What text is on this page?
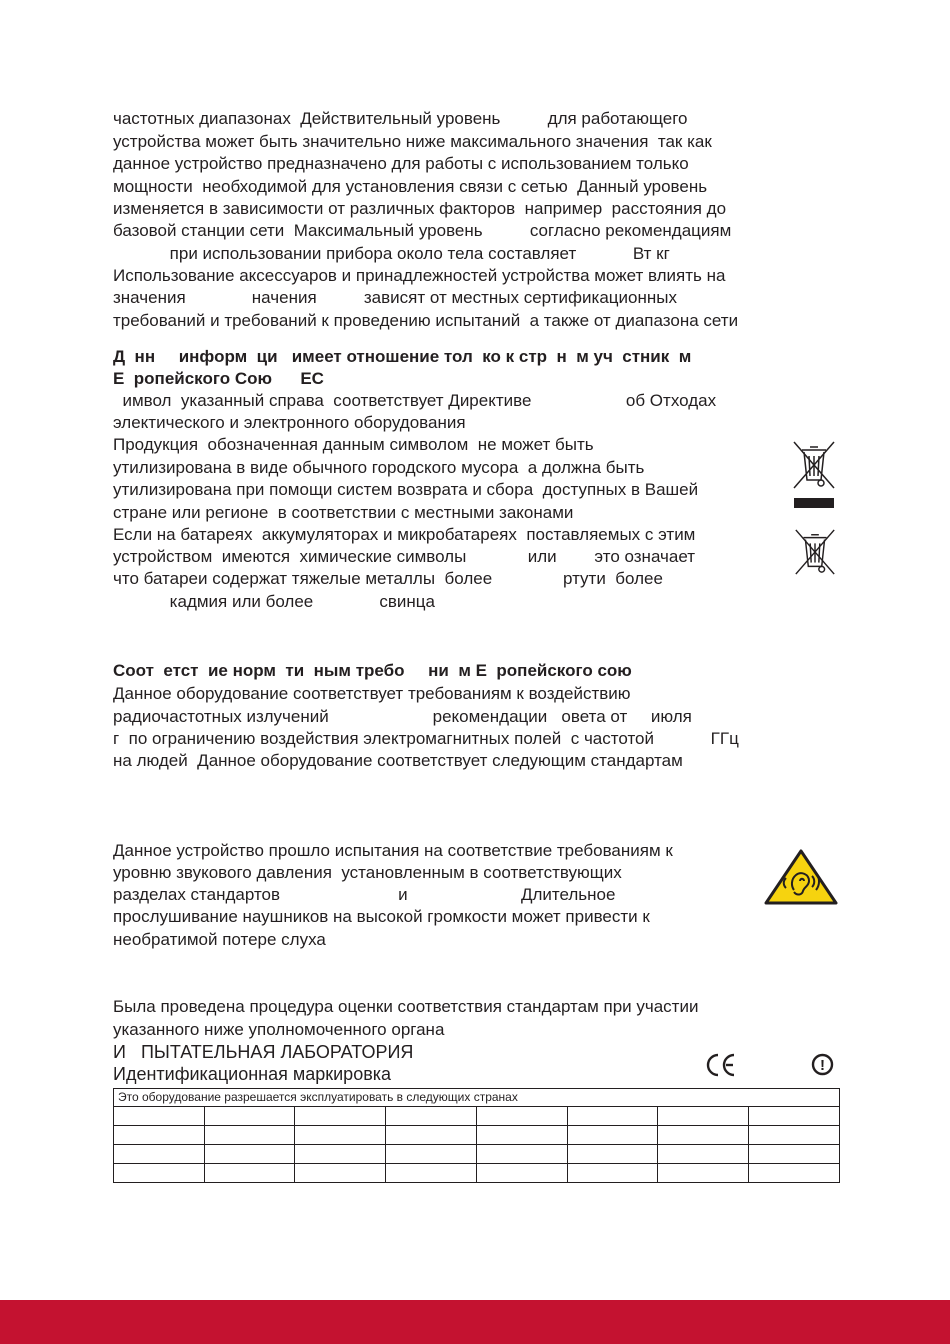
частотных диапазонах  Действительный уровень          для работающего

устройства может быть значительно ниже максимального значения  так как

данное устройство предназначено для работы с использованием только

мощности  необходимой для установления связи с сетью  Данный уровень

изменяется в зависимости от различных факторов  например  расстояния до

базовой станции сети  Максимальный уровень          согласно рекомендациям

при использовании прибора около тела составляет            Вт кг

Использование аксессуаров и принадлежностей устройства может влиять на

значения              начения          зависят от местных сертификационных

требований и требований к проведению испытаний  а также от диапазона сети

Д  нн     информ  ци   имеет отношение тол  ко к стр  н  м уч  стник  м

Е  ропейского Сою      ЕС

имвол  указанный справа  соответствует Директиве                    об Отходах

электического и электронного оборудования

Продукция  обозначенная данным символом  не может быть

утилизирована в виде обычного городского мусора  а должна быть

утилизирована при помощи систем возврата и сбора  доступных в Вашей

стране или регионе  в соответствии с местными законами

Если на батареях  аккумуляторах и микробатареях  поставляемых с этим

устройством  имеются  химические символы             или        это означает

что батареи содержат тяжелые металлы  более               ртути  более

кадмия или более              свинца

Соот  етст  ие норм  ти  ным требо     ни  м Е  ропейского сою

Данное оборудование соответствует требованиям к воздействию

радиочастотных излучений                      рекомендации   овета от     июля

г  по ограничению воздействия электромагнитных полей  с частотой            ГГц

на людей  Данное оборудование соответствует следующим стандартам

Данное устройство прошло испытания на соответствие требованиям к

уровню звукового давления  установленным в соответствующих

разделах стандартов                         и                        Длительное

прослушивание наушников на высокой громкости может привести к

необратимой потере слуха

Была проведена процедура оценки соответствия стандартам при участии

указанного ниже уполномоченного органа

И   ПЫТАТЕЛЬНАЯ ЛАБОРАТОРИЯ

Идентификационная маркировка

CE
!
Это оборудование разрешается эксплуатировать в следующих странах							
